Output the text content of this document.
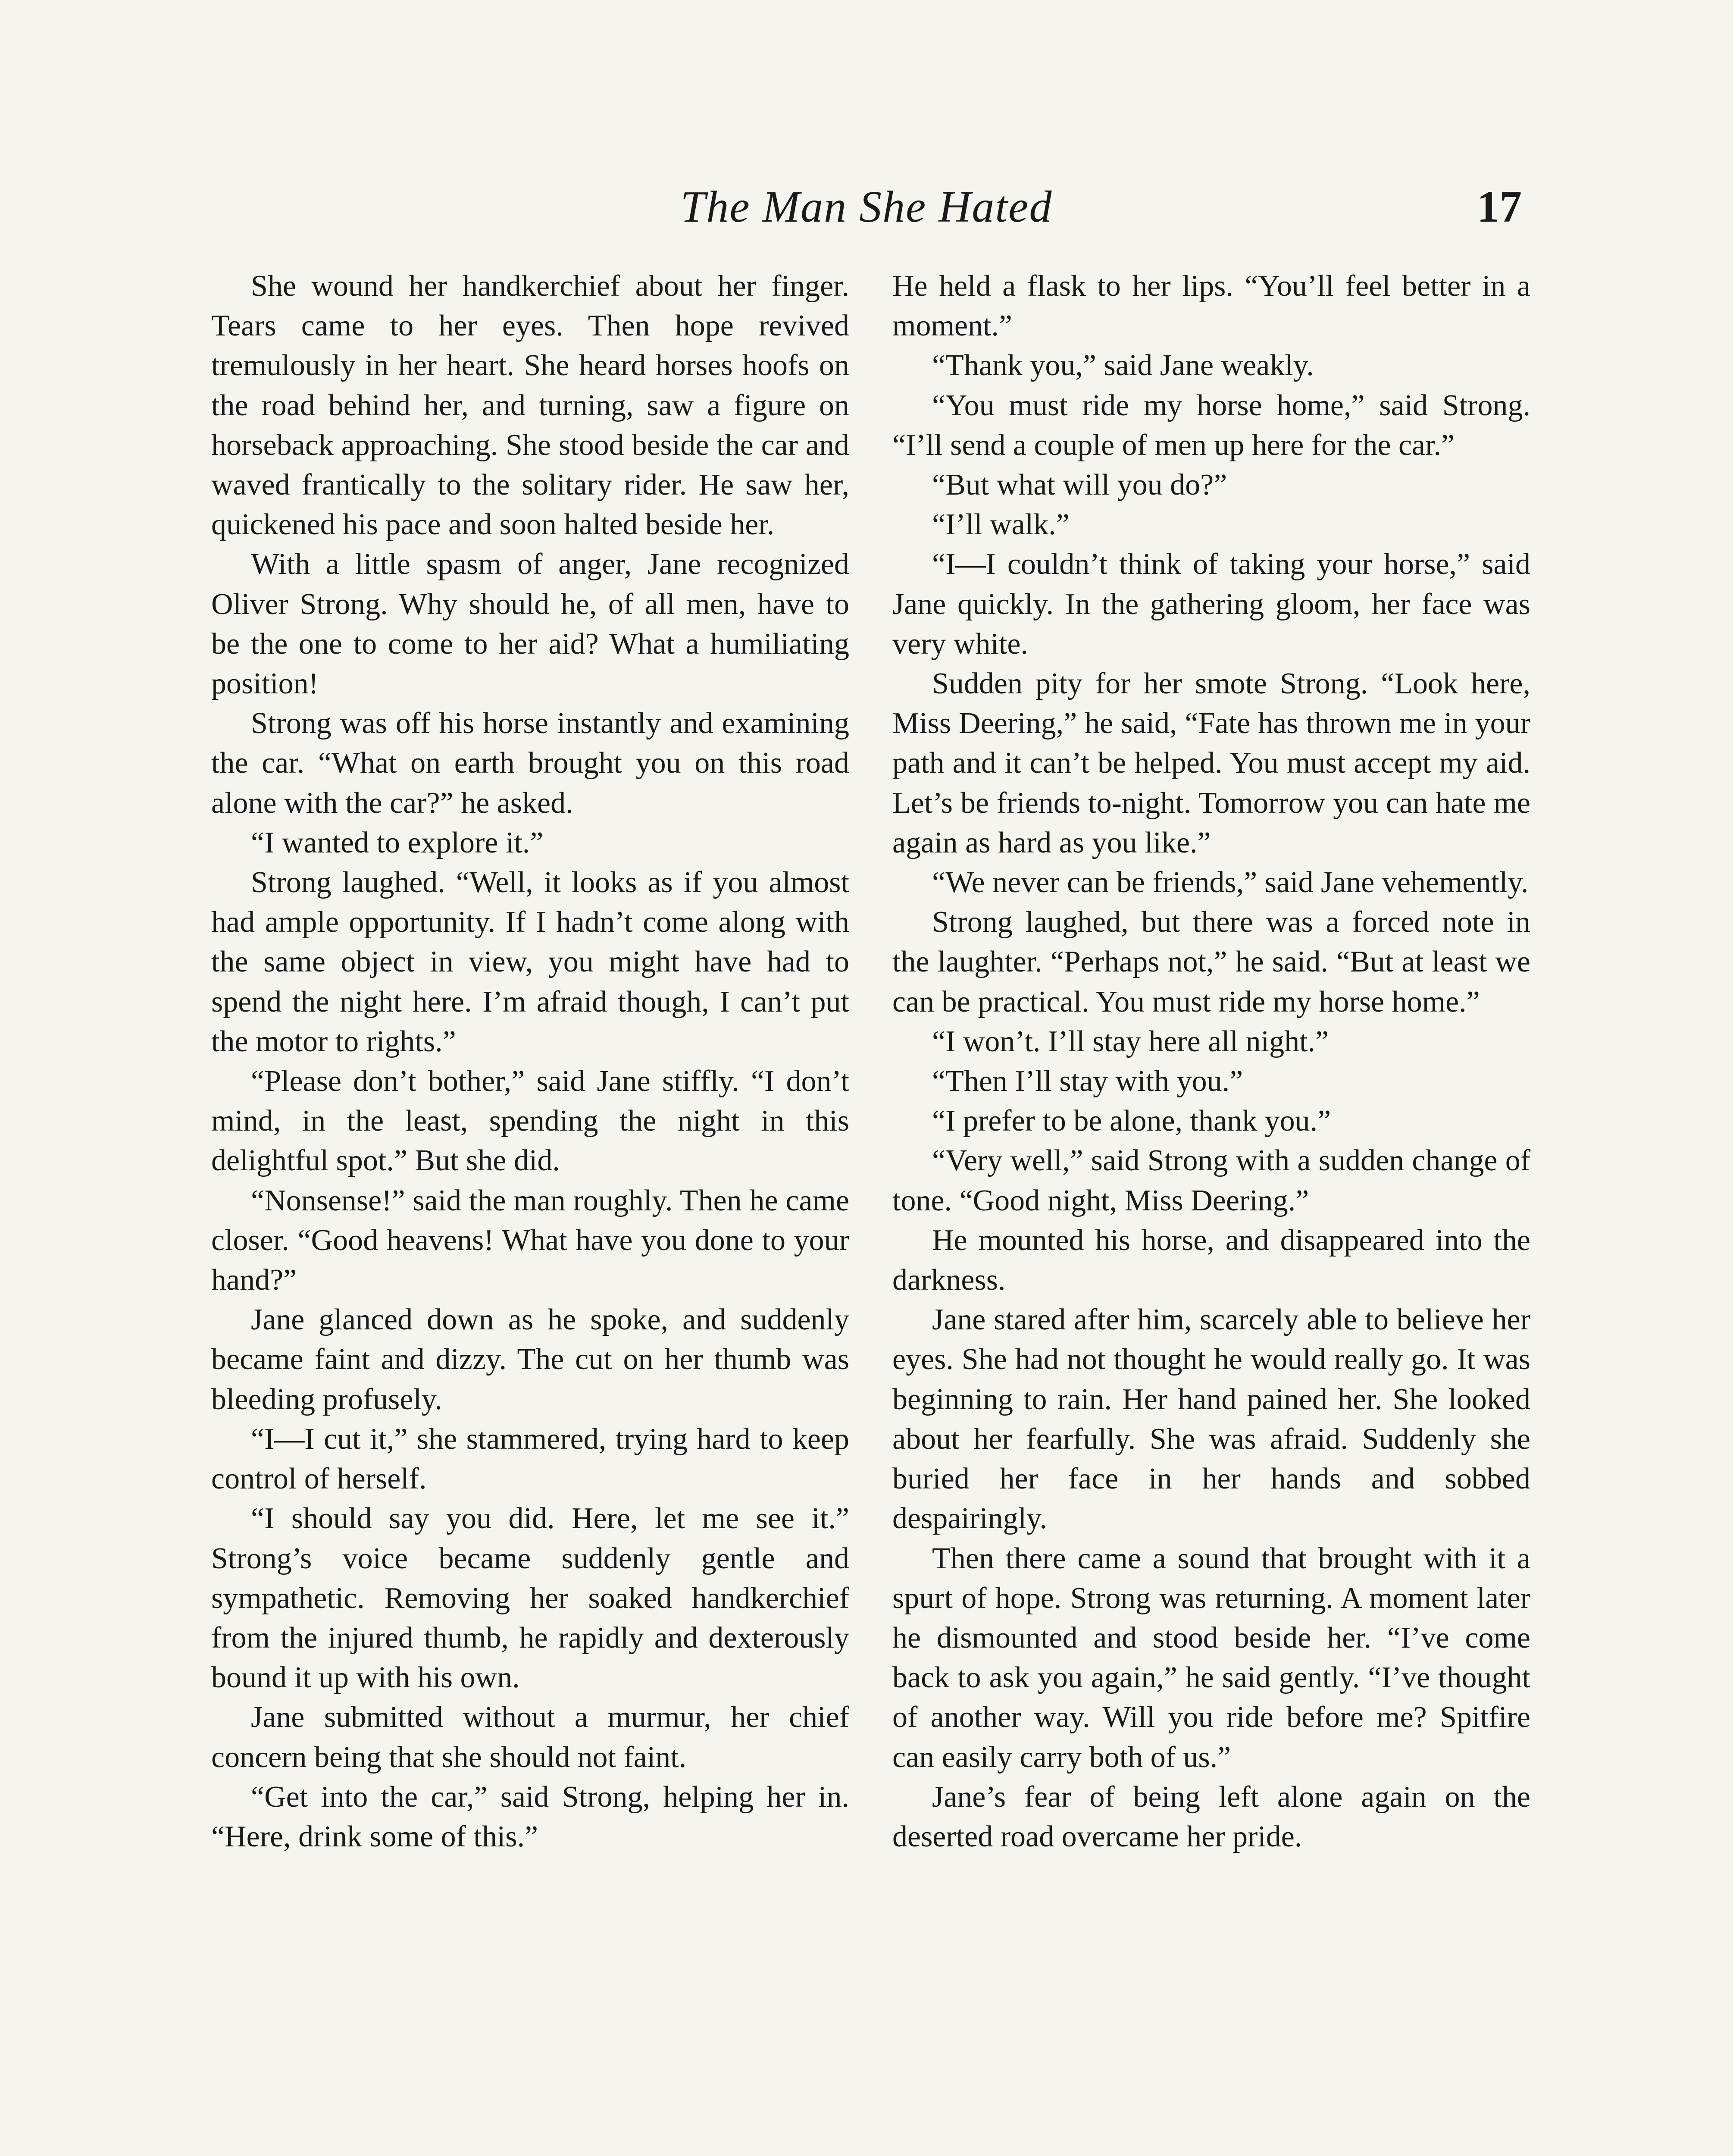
The Man She Hated	17

She wound her handkerchief about her finger. Tears came to her eyes. Then hope revived tremulously in her heart. She heard horses hoofs on the road behind her, and turning, saw a figure on horseback approaching. She stood beside the car and waved frantically to the solitary rider. He saw her, quickened his pace and soon halted beside her.

With a little spasm of anger, Jane recognized Oliver Strong. Why should he, of all men, have to be the one to come to her aid? What a humiliating position!

Strong was off his horse instantly and examining the car. “What on earth brought you on this road alone with the car?” he asked.

“I wanted to explore it.”

Strong laughed. “Well, it looks as if you almost had ample opportunity. If I hadn’t come along with the same object in view, you might have had to spend the night here. I’m afraid though, I can’t put the motor to rights.”

“Please don’t bother,” said Jane stiffly. “I don’t mind, in the least, spending the night in this delightful spot.” But she did.

“Nonsense!” said the man roughly. Then he came closer. “Good heavens! What have you done to your hand?”

Jane glanced down as he spoke, and suddenly became faint and dizzy. The cut on her thumb was bleeding profusely.

“I—I cut it,” she stammered, trying hard to keep control of herself.

“I should say you did. Here, let me see it.” Strong’s voice became suddenly gentle and sympathetic. Removing her soaked handkerchief from the injured thumb, he rapidly and dexterously bound it up with his own.

Jane submitted without a murmur, her chief concern being that she should not faint.

“Get into the car,” said Strong, helping her in. “Here, drink some of this.”

He held a flask to her lips. “You’ll feel better in a moment.”

“Thank you,” said Jane weakly.

“You must ride my horse home,” said Strong. “I’ll send a couple of men up here for the car.”

“But what will you do?”

“I’ll walk.”

“I—I couldn’t think of taking your horse,” said Jane quickly. In the gathering gloom, her face was very white.

Sudden pity for her smote Strong. “Look here, Miss Deering,” he said, “Fate has thrown me in your path and it can’t be helped. You must accept my aid. Let’s be friends to-night. Tomorrow you can hate me again as hard as you like.”

“We never can be friends,” said Jane vehemently.

Strong laughed, but there was a forced note in the laughter. “Perhaps not,” he said. “But at least we can be practical. You must ride my horse home.”

“I won’t. I’ll stay here all night.”

“Then I’ll stay with you.”

“I prefer to be alone, thank you.”

“Very well,” said Strong with a sudden change of tone. “Good night, Miss Deering.”

He mounted his horse, and disappeared into the darkness.

Jane stared after him, scarcely able to believe her eyes. She had not thought he would really go. It was beginning to rain. Her hand pained her. She looked about her fearfully. She was afraid. Suddenly she buried her face in her hands and sobbed despairingly.

Then there came a sound that brought with it a spurt of hope. Strong was returning. A moment later he dismounted and stood beside her. “I’ve come back to ask you again,” he said gently. “I’ve thought of another way. Will you ride before me? Spitfire can easily carry both of us.”

Jane’s fear of being left alone again on the deserted road overcame her pride.
